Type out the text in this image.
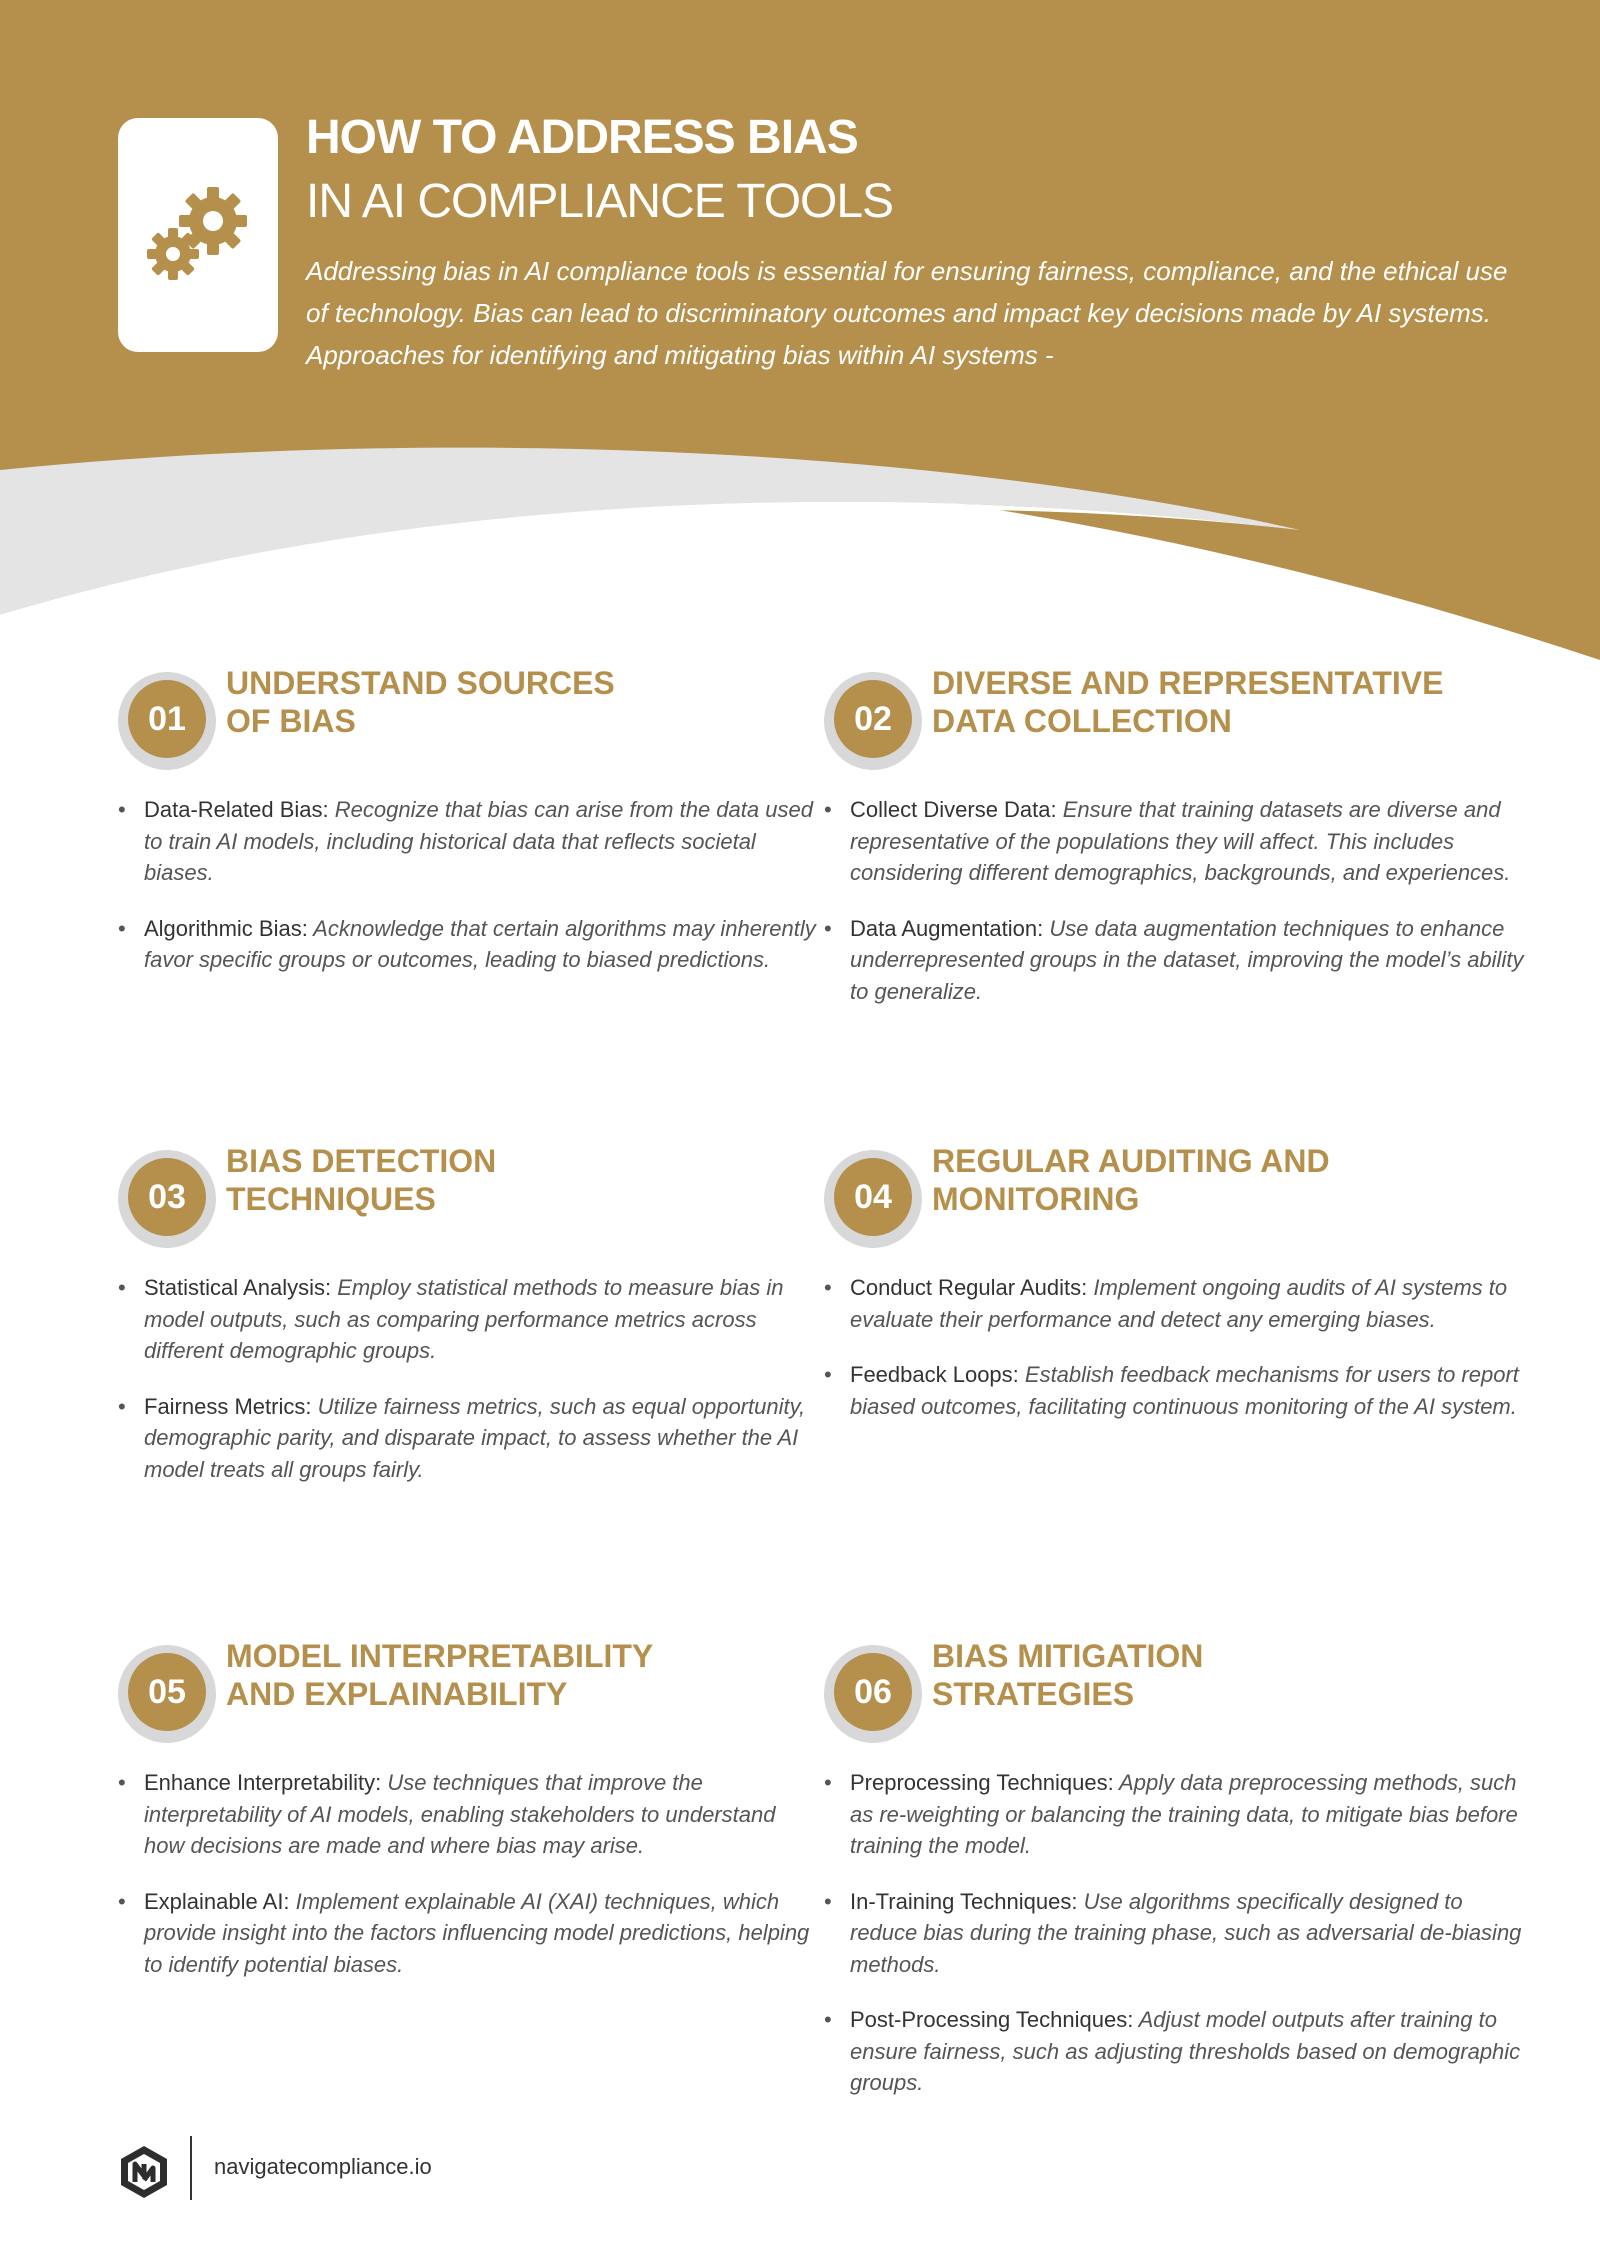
HOW TO ADDRESS BIAS
IN AI COMPLIANCE TOOLS

Addressing bias in AI compliance tools is essential for ensuring fairness, compliance, and the ethical use
of technology. Bias can lead to discriminatory outcomes and impact key decisions made by AI systems.
Approaches for identifying and mitigating bias within AI systems -

01
UNDERSTAND SOURCES
OF BIAS
• Data-Related Bias: Recognize that bias can arise from the data used to train AI models, including historical data that reflects societal biases.
• Algorithmic Bias: Acknowledge that certain algorithms may inherently favor specific groups or outcomes, leading to biased predictions.
02
DIVERSE AND REPRESENTATIVE
DATA COLLECTION
• Collect Diverse Data: Ensure that training datasets are diverse and representative of the populations they will affect. This includes considering different demographics, backgrounds, and experiences.
• Data Augmentation: Use data augmentation techniques to enhance underrepresented groups in the dataset, improving the model’s ability to generalize.
03
BIAS DETECTION
TECHNIQUES
• Statistical Analysis: Employ statistical methods to measure bias in model outputs, such as comparing performance metrics across different demographic groups.
• Fairness Metrics: Utilize fairness metrics, such as equal opportunity, demographic parity, and disparate impact, to assess whether the AI model treats all groups fairly.
04
REGULAR AUDITING AND
MONITORING
• Conduct Regular Audits: Implement ongoing audits of AI systems to evaluate their performance and detect any emerging biases.
• Feedback Loops: Establish feedback mechanisms for users to report biased outcomes, facilitating continuous monitoring of the AI system.
05
MODEL INTERPRETABILITY
AND EXPLAINABILITY
• Enhance Interpretability: Use techniques that improve the interpretability of AI models, enabling stakeholders to understand how decisions are made and where bias may arise.
• Explainable AI: Implement explainable AI (XAI) techniques, which provide insight into the factors influencing model predictions, helping to identify potential biases.
06
BIAS MITIGATION
STRATEGIES
• Preprocessing Techniques: Apply data preprocessing methods, such as re-weighting or balancing the training data, to mitigate bias before training the model.
• In-Training Techniques: Use algorithms specifically designed to reduce bias during the training phase, such as adversarial de-biasing methods.
• Post-Processing Techniques: Adjust model outputs after training to ensure fairness, such as adjusting thresholds based on demographic groups.
navigatecompliance.io
